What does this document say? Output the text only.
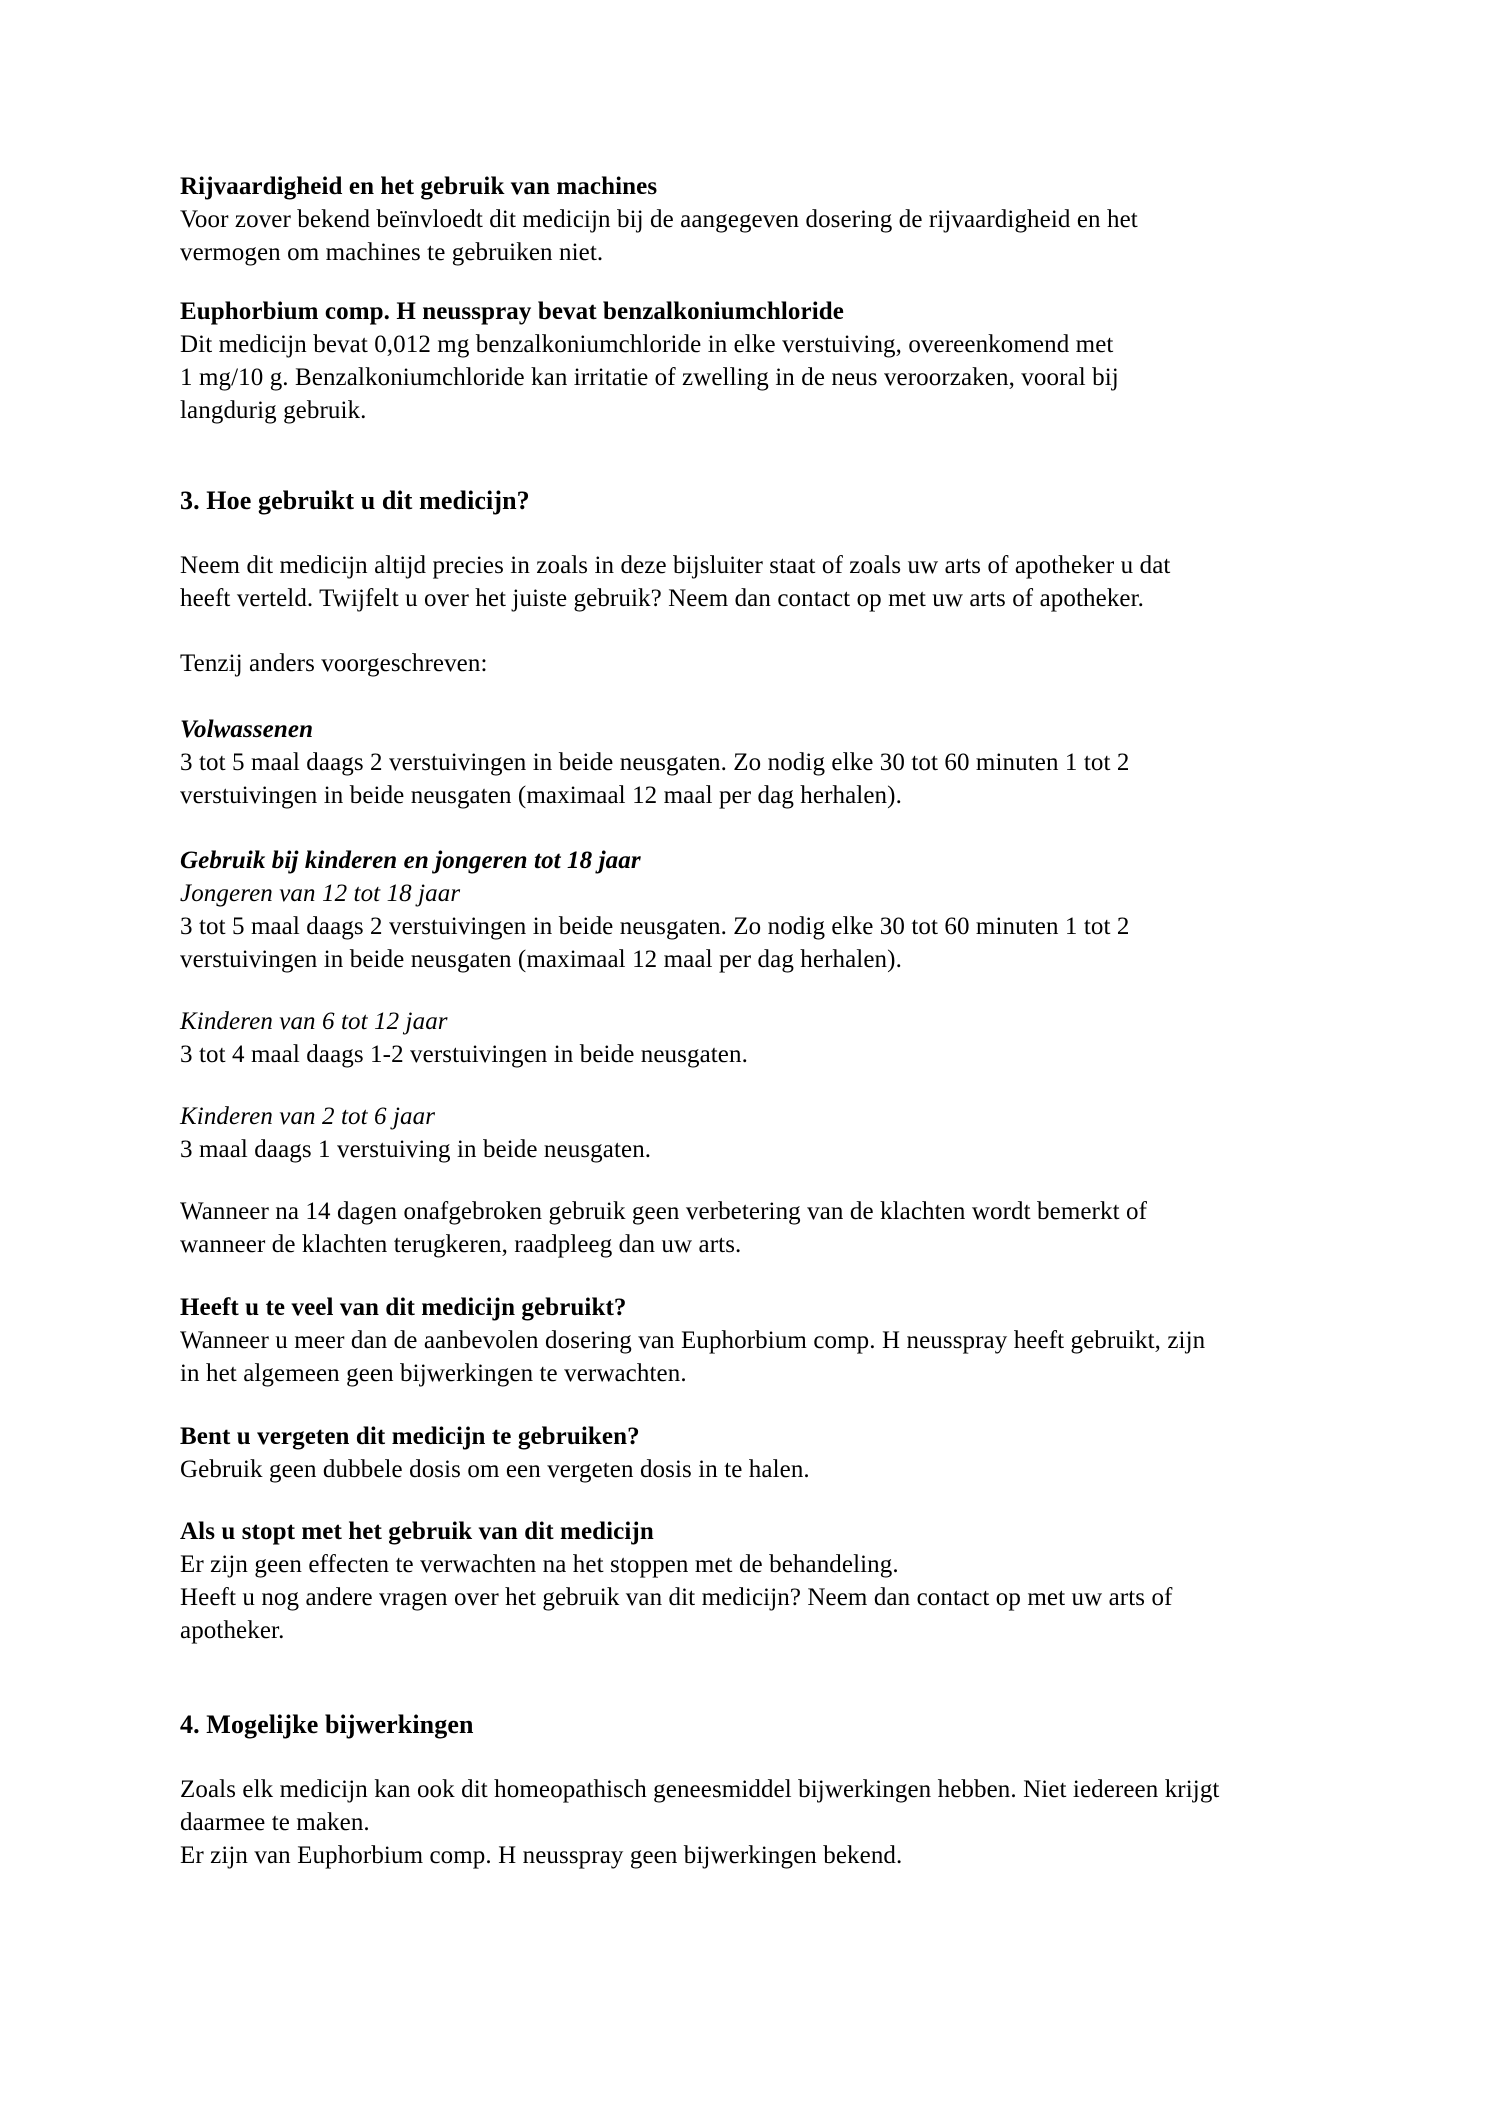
Rijvaardigheid en het gebruik van machines
Voor zover bekend beïnvloedt dit medicijn bij de aangegeven dosering de rijvaardigheid en het
vermogen om machines te gebruiken niet.
Euphorbium comp. H neusspray bevat benzalkoniumchloride
Dit medicijn bevat 0,012 mg benzalkoniumchloride in elke verstuiving, overeenkomend met
1 mg/10 g. Benzalkoniumchloride kan irritatie of zwelling in de neus veroorzaken, vooral bij
langdurig gebruik.
3. Hoe gebruikt u dit medicijn?
Neem dit medicijn altijd precies in zoals in deze bijsluiter staat of zoals uw arts of apotheker u dat
heeft verteld. Twijfelt u over het juiste gebruik? Neem dan contact op met uw arts of apotheker.
Tenzij anders voorgeschreven:
Volwassenen
3 tot 5 maal daags 2 verstuivingen in beide neusgaten. Zo nodig elke 30 tot 60 minuten 1 tot 2
verstuivingen in beide neusgaten (maximaal 12 maal per dag herhalen).
Gebruik bij kinderen en jongeren tot 18 jaar
Jongeren van 12 tot 18 jaar
3 tot 5 maal daags 2 verstuivingen in beide neusgaten. Zo nodig elke 30 tot 60 minuten 1 tot 2
verstuivingen in beide neusgaten (maximaal 12 maal per dag herhalen).
Kinderen van 6 tot 12 jaar
3 tot 4 maal daags 1-2 verstuivingen in beide neusgaten.
Kinderen van 2 tot 6 jaar
3 maal daags 1 verstuiving in beide neusgaten.
Wanneer na 14 dagen onafgebroken gebruik geen verbetering van de klachten wordt bemerkt of
wanneer de klachten terugkeren, raadpleeg dan uw arts.
Heeft u te veel van dit medicijn gebruikt?
Wanneer u meer dan de aanbevolen dosering van Euphorbium comp. H neusspray heeft gebruikt, zijn
in het algemeen geen bijwerkingen te verwachten.
Bent u vergeten dit medicijn te gebruiken?
Gebruik geen dubbele dosis om een vergeten dosis in te halen.
Als u stopt met het gebruik van dit medicijn
Er zijn geen effecten te verwachten na het stoppen met de behandeling.
Heeft u nog andere vragen over het gebruik van dit medicijn? Neem dan contact op met uw arts of
apotheker.
4. Mogelijke bijwerkingen
Zoals elk medicijn kan ook dit homeopathisch geneesmiddel bijwerkingen hebben. Niet iedereen krijgt
daarmee te maken.
Er zijn van Euphorbium comp. H neusspray geen bijwerkingen bekend.
